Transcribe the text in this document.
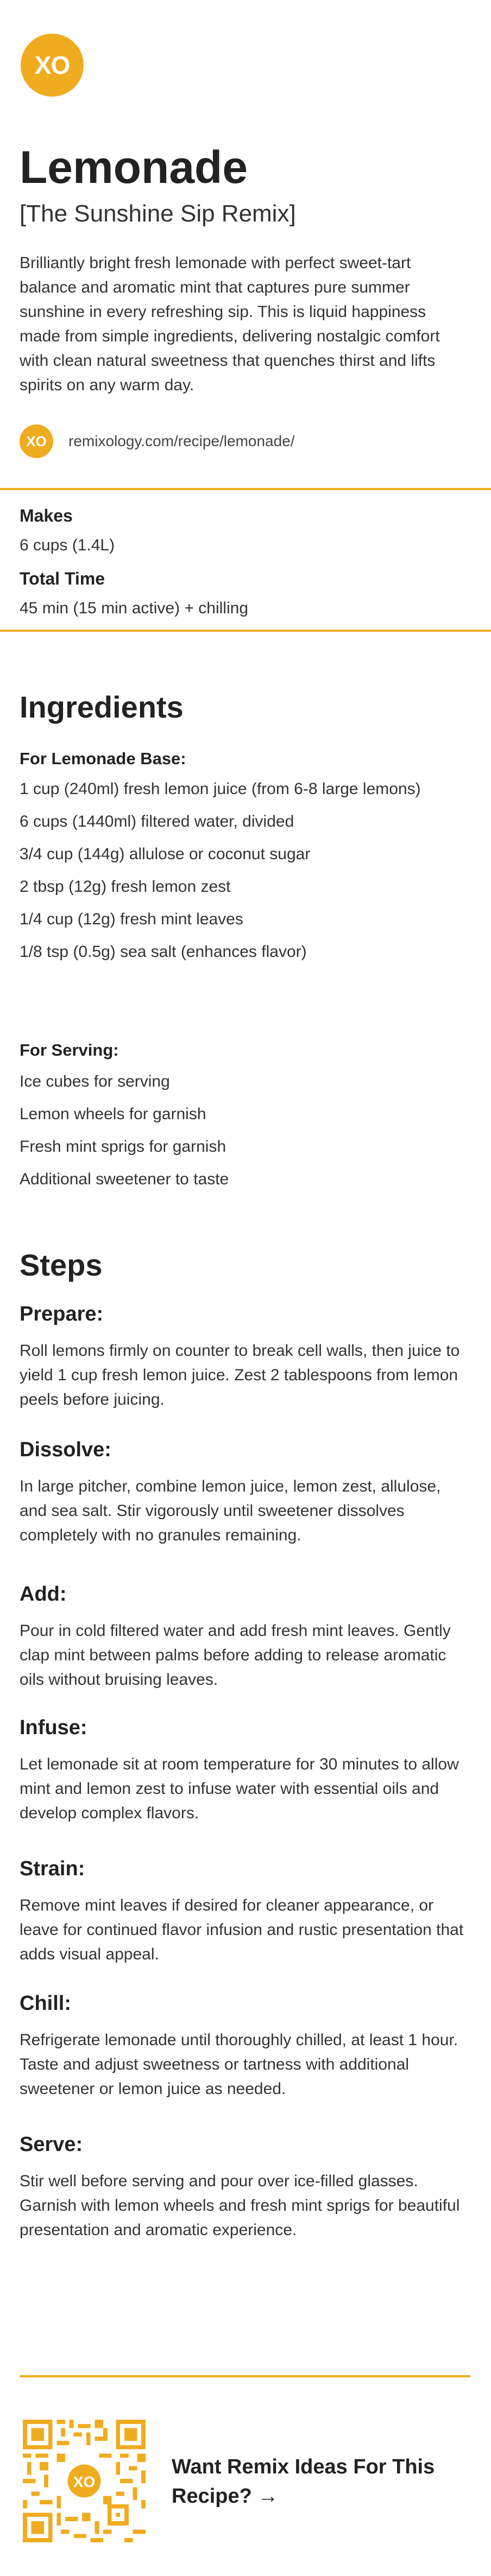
XO
Lemonade
[The Sunshine Sip Remix]
Brilliantly bright fresh lemonade with perfect sweet-tart balance and aromatic mint that captures pure summer sunshine in every refreshing sip. This is liquid happiness made from simple ingredients, delivering nostalgic comfort with clean natural sweetness that quenches thirst and lifts spirits on any warm day.
XO remixology.com/recipe/lemonade/
Makes
6 cups (1.4L)
Total Time
45 min (15 min active) + chilling
Ingredients
For Lemonade Base:
1 cup (240ml) fresh lemon juice (from 6-8 large lemons)
6 cups (1440ml) filtered water, divided
3/4 cup (144g) allulose or coconut sugar
2 tbsp (12g) fresh lemon zest
1/4 cup (12g) fresh mint leaves
1/8 tsp (0.5g) sea salt (enhances flavor)
For Serving:
Ice cubes for serving
Lemon wheels for garnish
Fresh mint sprigs for garnish
Additional sweetener to taste
Steps
Prepare:
Roll lemons firmly on counter to break cell walls, then juice to yield 1 cup fresh lemon juice. Zest 2 tablespoons from lemon peels before juicing.
Dissolve:
In large pitcher, combine lemon juice, lemon zest, allulose, and sea salt. Stir vigorously until sweetener dissolves completely with no granules remaining.
Add:
Pour in cold filtered water and add fresh mint leaves. Gently clap mint between palms before adding to release aromatic oils without bruising leaves.
Infuse:
Let lemonade sit at room temperature for 30 minutes to allow mint and lemon zest to infuse water with essential oils and develop complex flavors.
Strain:
Remove mint leaves if desired for cleaner appearance, or leave for continued flavor infusion and rustic presentation that adds visual appeal.
Chill:
Refrigerate lemonade until thoroughly chilled, at least 1 hour. Taste and adjust sweetness or tartness with additional sweetener or lemon juice as needed.
Serve:
Stir well before serving and pour over ice-filled glasses. Garnish with lemon wheels and fresh mint sprigs for beautiful presentation and aromatic experience.
XO
Want Remix Ideas For This Recipe? →
